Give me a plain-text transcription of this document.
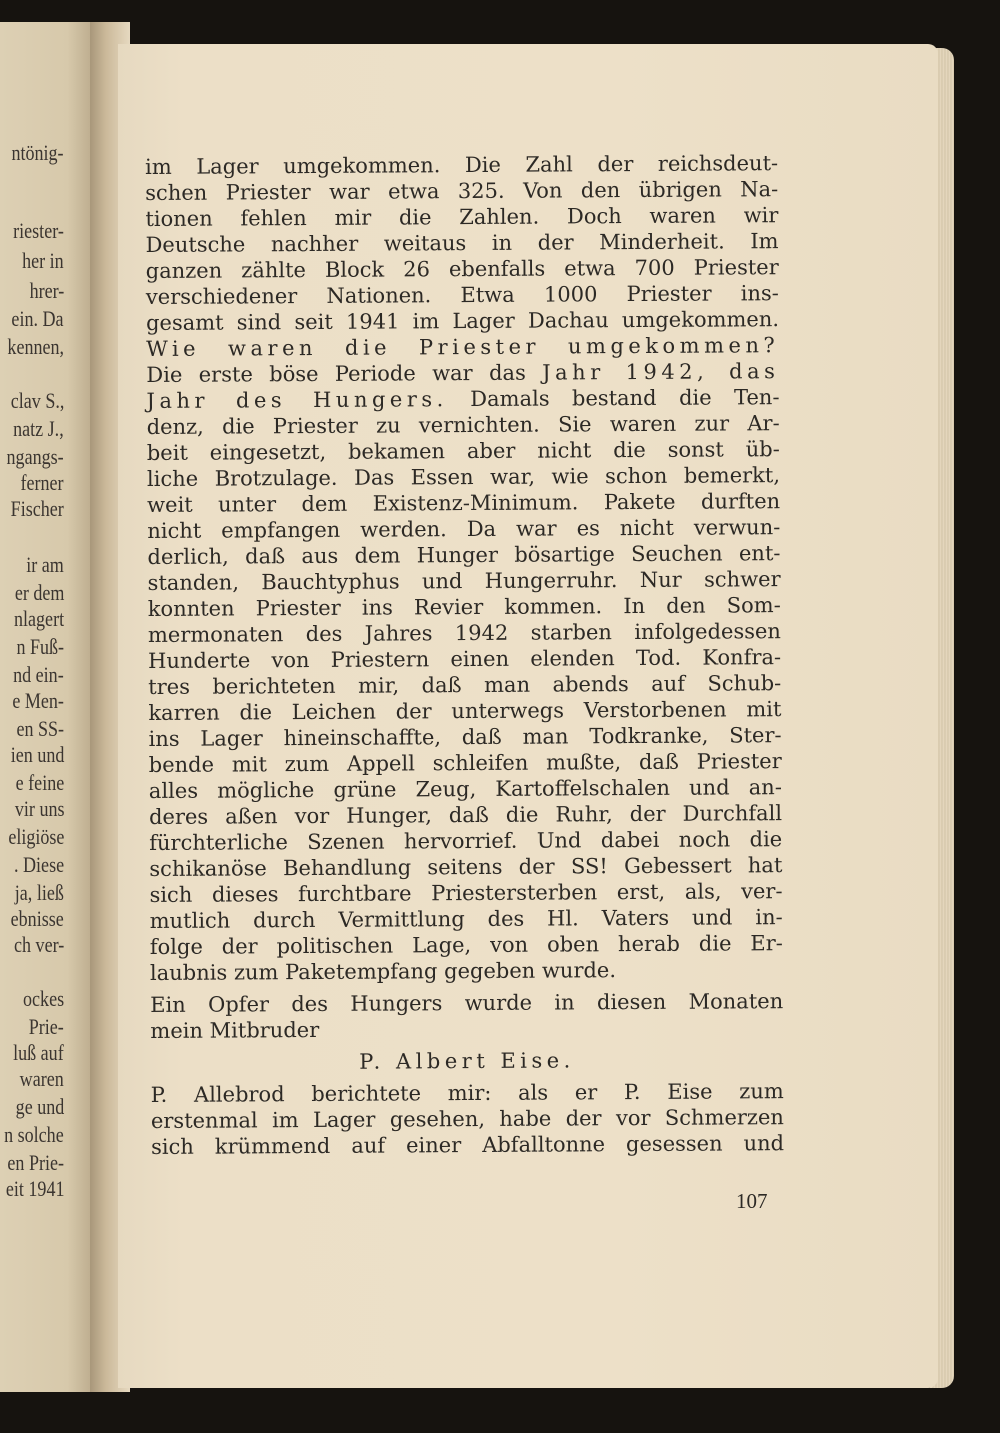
ntönig-
riester-
her in
hrer-
ein. Da
kennen,
clav S.,
natz J.,
ngangs-
ferner
Fischer
ir am
er dem
nlagert
n Fuß-
nd ein-
e Men-
en SS-
ien und
e feine
vir uns
eligiöse
. Diese
ja, ließ
ebnisse
ch ver-
ockes
Prie-
luß auf
waren
ge und
n solche
en Prie-
eit 1941
im Lager umgekommen. Die Zahl der reichsdeut-
schen Priester war etwa 325. Von den übrigen Na-
tionen fehlen mir die Zahlen. Doch waren wir
Deutsche nachher weitaus in der Minderheit. Im
ganzen zählte Block 26 ebenfalls etwa 700 Priester
verschiedener Nationen. Etwa 1000 Priester ins-
gesamt sind seit 1941 im Lager Dachau umgekommen.
Wie waren die Priester umgekommen?
Die erste böse Periode war das Jahr 1942, das
Jahr des Hungers. Damals bestand die Ten-
denz, die Priester zu vernichten. Sie waren zur Ar-
beit eingesetzt, bekamen aber nicht die sonst üb-
liche Brotzulage. Das Essen war, wie schon bemerkt,
weit unter dem Existenz-Minimum. Pakete durften
nicht empfangen werden. Da war es nicht verwun-
derlich, daß aus dem Hunger bösartige Seuchen ent-
standen, Bauchtyphus und Hungerruhr. Nur schwer
konnten Priester ins Revier kommen. In den Som-
mermonaten des Jahres 1942 starben infolgedessen
Hunderte von Priestern einen elenden Tod. Konfra-
tres berichteten mir, daß man abends auf Schub-
karren die Leichen der unterwegs Verstorbenen mit
ins Lager hineinschaffte, daß man Todkranke, Ster-
bende mit zum Appell schleifen mußte, daß Priester
alles mögliche grüne Zeug, Kartoffelschalen und an-
deres aßen vor Hunger, daß die Ruhr, der Durchfall
fürchterliche Szenen hervorrief. Und dabei noch die
schikanöse Behandlung seitens der SS! Gebessert hat
sich dieses furchtbare Priestersterben erst, als, ver-
mutlich durch Vermittlung des Hl. Vaters und in-
folge der politischen Lage, von oben herab die Er-
laubnis zum Paketempfang gegeben wurde.
Ein Opfer des Hungers wurde in diesen Monaten
mein Mitbruder
P. Albert Eise.
P. Allebrod berichtete mir: als er P. Eise zum
erstenmal im Lager gesehen, habe der vor Schmerzen
sich krümmend auf einer Abfalltonne gesessen und
107
